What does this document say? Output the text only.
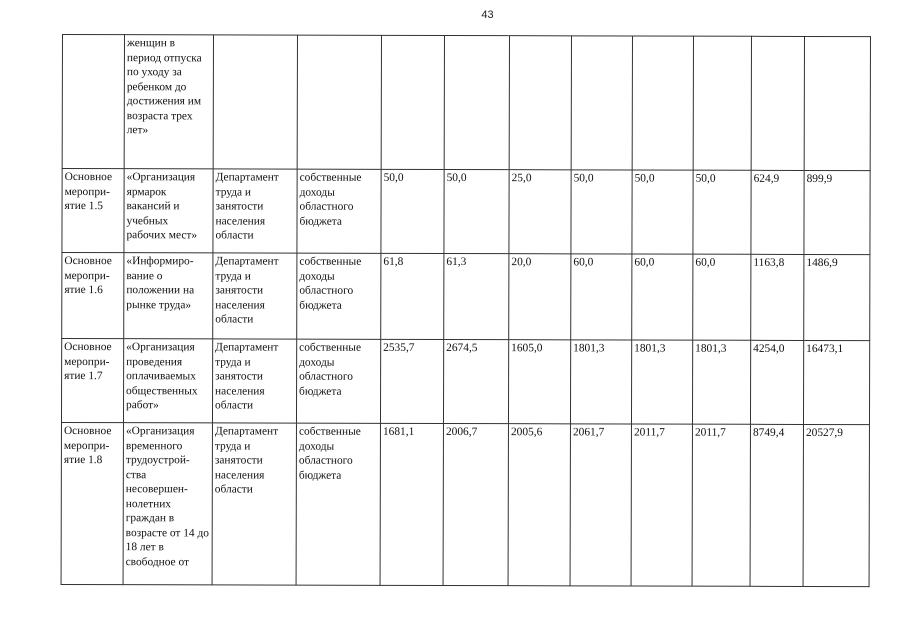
43
	женщин в период отпуска по уходу за ребенком до достижения им возраста трех лет»										
Основное меропри-ятие 1.5	«Организация ярмарок вакансий и учебных рабочих мест»	Департамент труда и занятости населения области	собственные доходы областного бюджета	50,0	50,0	25,0	50,0	50,0	50,0	624,9	899,9
Основное меропри-ятие 1.6	«Информиро-вание о положении на рынке труда»	Департамент труда и занятости населения области	собственные доходы областного бюджета	61,8	61,3	20,0	60,0	60,0	60,0	1163,8	1486,9
Основное меропри-ятие 1.7	«Организация проведения оплачиваемых общественных работ»	Департамент труда и занятости населения области	собственные доходы областного бюджета	2535,7	2674,5	1605,0	1801,3	1801,3	1801,3	4254,0	16473,1
Основное меропри-ятие 1.8	«Организация временного трудоустрой-ства несовершен-нолетних граждан в возрасте от 14 до 18 лет в свободное от	Департамент труда и занятости населения области	собственные доходы областного бюджета	1681,1	2006,7	2005,6	2061,7	2011,7	2011,7	8749,4	20527,9
